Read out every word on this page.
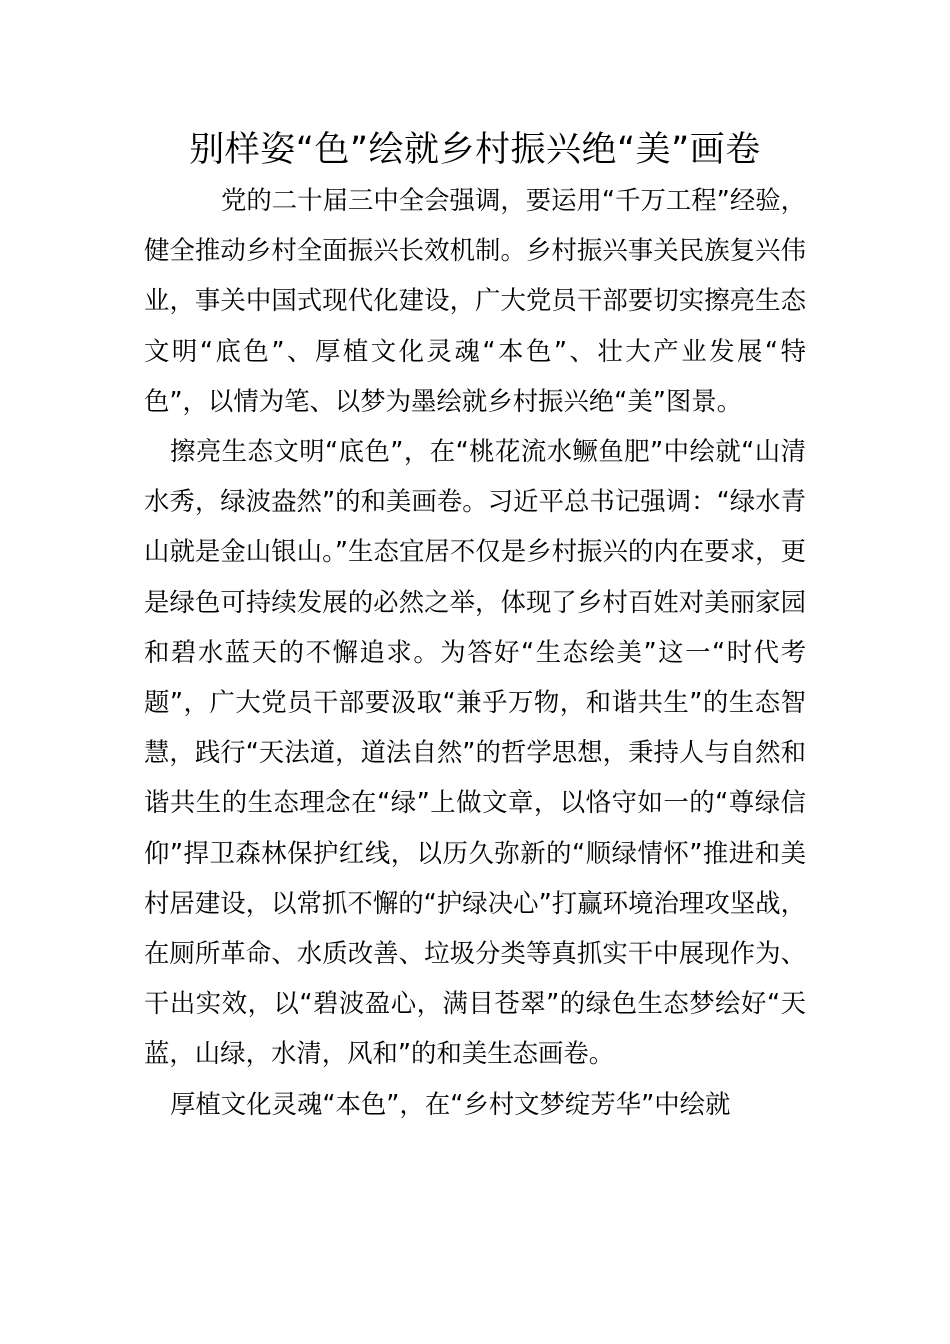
别样姿“色”绘就乡村振兴绝“美”画卷

党的二十届三中全会强调，要运用“千万工程”经验，健全推动乡村全面振兴长效机制。乡村振兴事关民族复兴伟业，事关中国式现代化建设，广大党员干部要切实擦亮生态文明“底色”、厚植文化灵魂“本色”、壮大产业发展“特色”，以情为笔、以梦为墨绘就乡村振兴绝“美”图景。

擦亮生态文明“底色”，在“桃花流水鳜鱼肥”中绘就“山清水秀，绿波盎然”的和美画卷。习近平总书记强调：“绿水青山就是金山银山。”生态宜居不仅是乡村振兴的内在要求，更是绿色可持续发展的必然之举，体现了乡村百姓对美丽家园和碧水蓝天的不懈追求。为答好“生态绘美”这一“时代考题”，广大党员干部要汲取“兼乎万物，和谐共生”的生态智慧，践行“天法道，道法自然”的哲学思想，秉持人与自然和谐共生的生态理念在“绿”上做文章，以恪守如一的“尊绿信仰”捍卫森林保护红线，以历久弥新的“顺绿情怀”推进和美村居建设，以常抓不懈的“护绿决心”打赢环境治理攻坚战，在厕所革命、水质改善、垃圾分类等真抓实干中展现作为、干出实效，以“碧波盈心，满目苍翠”的绿色生态梦绘好“天蓝，山绿，水清，风和”的和美生态画卷。

厚植文化灵魂“本色”，在“乡村文梦绽芳华”中绘就
